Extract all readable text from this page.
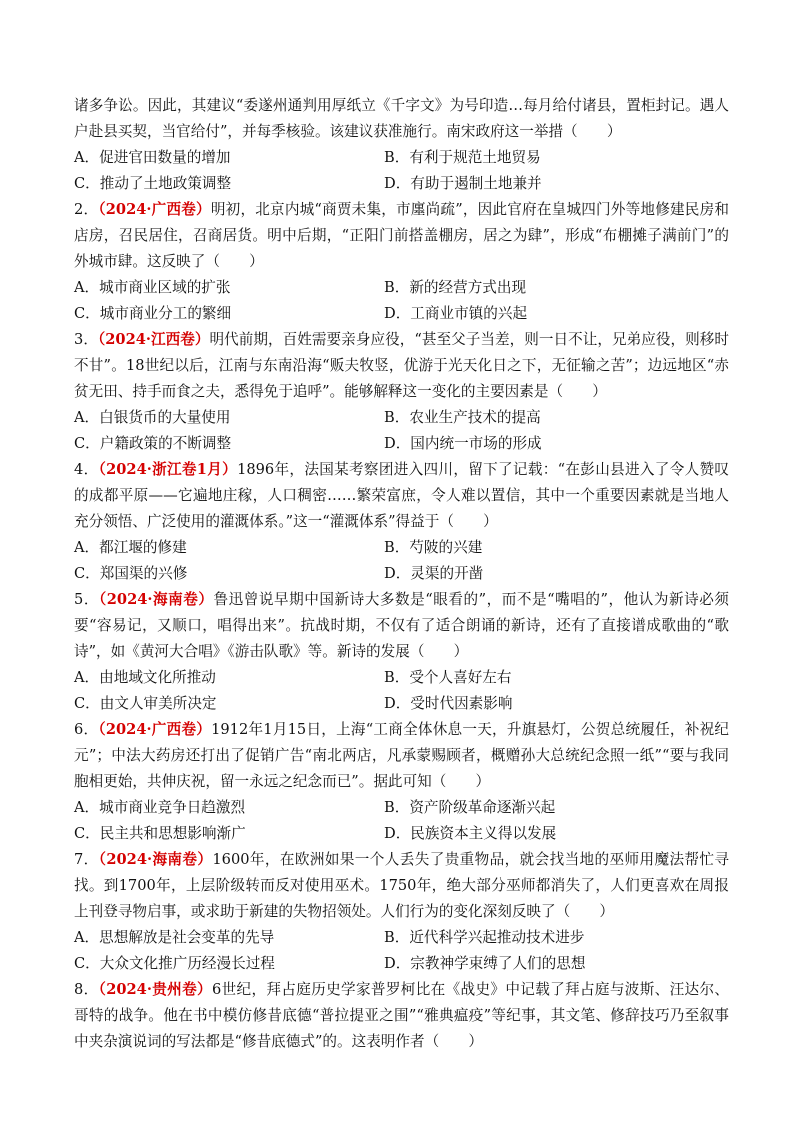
诸多争讼。因此，其建议“委遂州通判用厚纸立《千字文》为号印造…每月给付诸县，置柜封记。遇人户赴县买契，当官给付”，并每季核验。该建议获准施行。南宋政府这一举措（　　）

A．促进官田数量的增加	B．有利于规范土地贸易
C．推动了土地政策调整	D．有助于遏制土地兼并

2．（2024·广西卷）明初，北京内城“商贾未集，市廛尚疏”，因此官府在皇城四门外等地修建民房和店房，召民居住，召商居货。明中后期，“正阳门前搭盖棚房，居之为肆”，形成“布棚摊子满前门”的外城市肆。这反映了（　　）

A．城市商业区域的扩张	B．新的经营方式出现
C．城市商业分工的繁细	D．工商业市镇的兴起

3．（2024·江西卷）明代前期，百姓需要亲身应役，“甚至父子当差，则一日不让，兄弟应役，则移时不甘”。18世纪以后，江南与东南沿海“贩夫牧竖，优游于光天化日之下，无征输之苦”；边远地区“赤贫无田、持手而食之夫，悉得免于追呼”。能够解释这一变化的主要因素是（　　）

A．白银货币的大量使用	B．农业生产技术的提高
C．户籍政策的不断调整	D．国内统一市场的形成

4．（2024·浙江卷1月）1896年，法国某考察团进入四川，留下了记载：“在彭山县进入了令人赞叹的成都平原——它遍地庄稼，人口稠密……繁荣富庶，令人难以置信，其中一个重要因素就是当地人充分领悟、广泛使用的灌溉体系。”这一“灌溉体系”得益于（　　）

A．都江堰的修建	B．芍陂的兴建
C．郑国渠的兴修	D．灵渠的开凿

5．（2024·海南卷）鲁迅曾说早期中国新诗大多数是“眼看的”，而不是“嘴唱的”，他认为新诗必须要“容易记，又顺口，唱得出来”。抗战时期，不仅有了适合朗诵的新诗，还有了直接谱成歌曲的“歌诗”，如《黄河大合唱》《游击队歌》等。新诗的发展（　　）

A．由地域文化所推动	B．受个人喜好左右
C．由文人审美所决定	D．受时代因素影响

6．（2024·广西卷）1912年1月15日，上海“工商全体休息一天，升旗悬灯，公贺总统履任，补祝纪元”；中法大药房还打出了促销广告“南北两店，凡承蒙赐顾者，概赠孙大总统纪念照一纸”“要与我同胞相更始，共伸庆祝，留一永远之纪念而已”。据此可知（　　）

A．城市商业竞争日趋激烈	B．资产阶级革命逐渐兴起
C．民主共和思想影响渐广	D．民族资本主义得以发展

7．（2024·海南卷）1600年，在欧洲如果一个人丢失了贵重物品，就会找当地的巫师用魔法帮忙寻找。到1700年，上层阶级转而反对使用巫术。1750年，绝大部分巫师都消失了，人们更喜欢在周报上刊登寻物启事，或求助于新建的失物招领处。人们行为的变化深刻反映了（　　）

A．思想解放是社会变革的先导	B．近代科学兴起推动技术进步
C．大众文化推广历经漫长过程	D．宗教神学束缚了人们的思想

8．（2024·贵州卷）6世纪，拜占庭历史学家普罗柯比在《战史》中记载了拜占庭与波斯、汪达尔、哥特的战争。他在书中模仿修昔底德“普拉提亚之围”“雅典瘟疫”等纪事，其文笔、修辞技巧乃至叙事中夹杂演说词的写法都是“修昔底德式”的。这表明作者（　　）
